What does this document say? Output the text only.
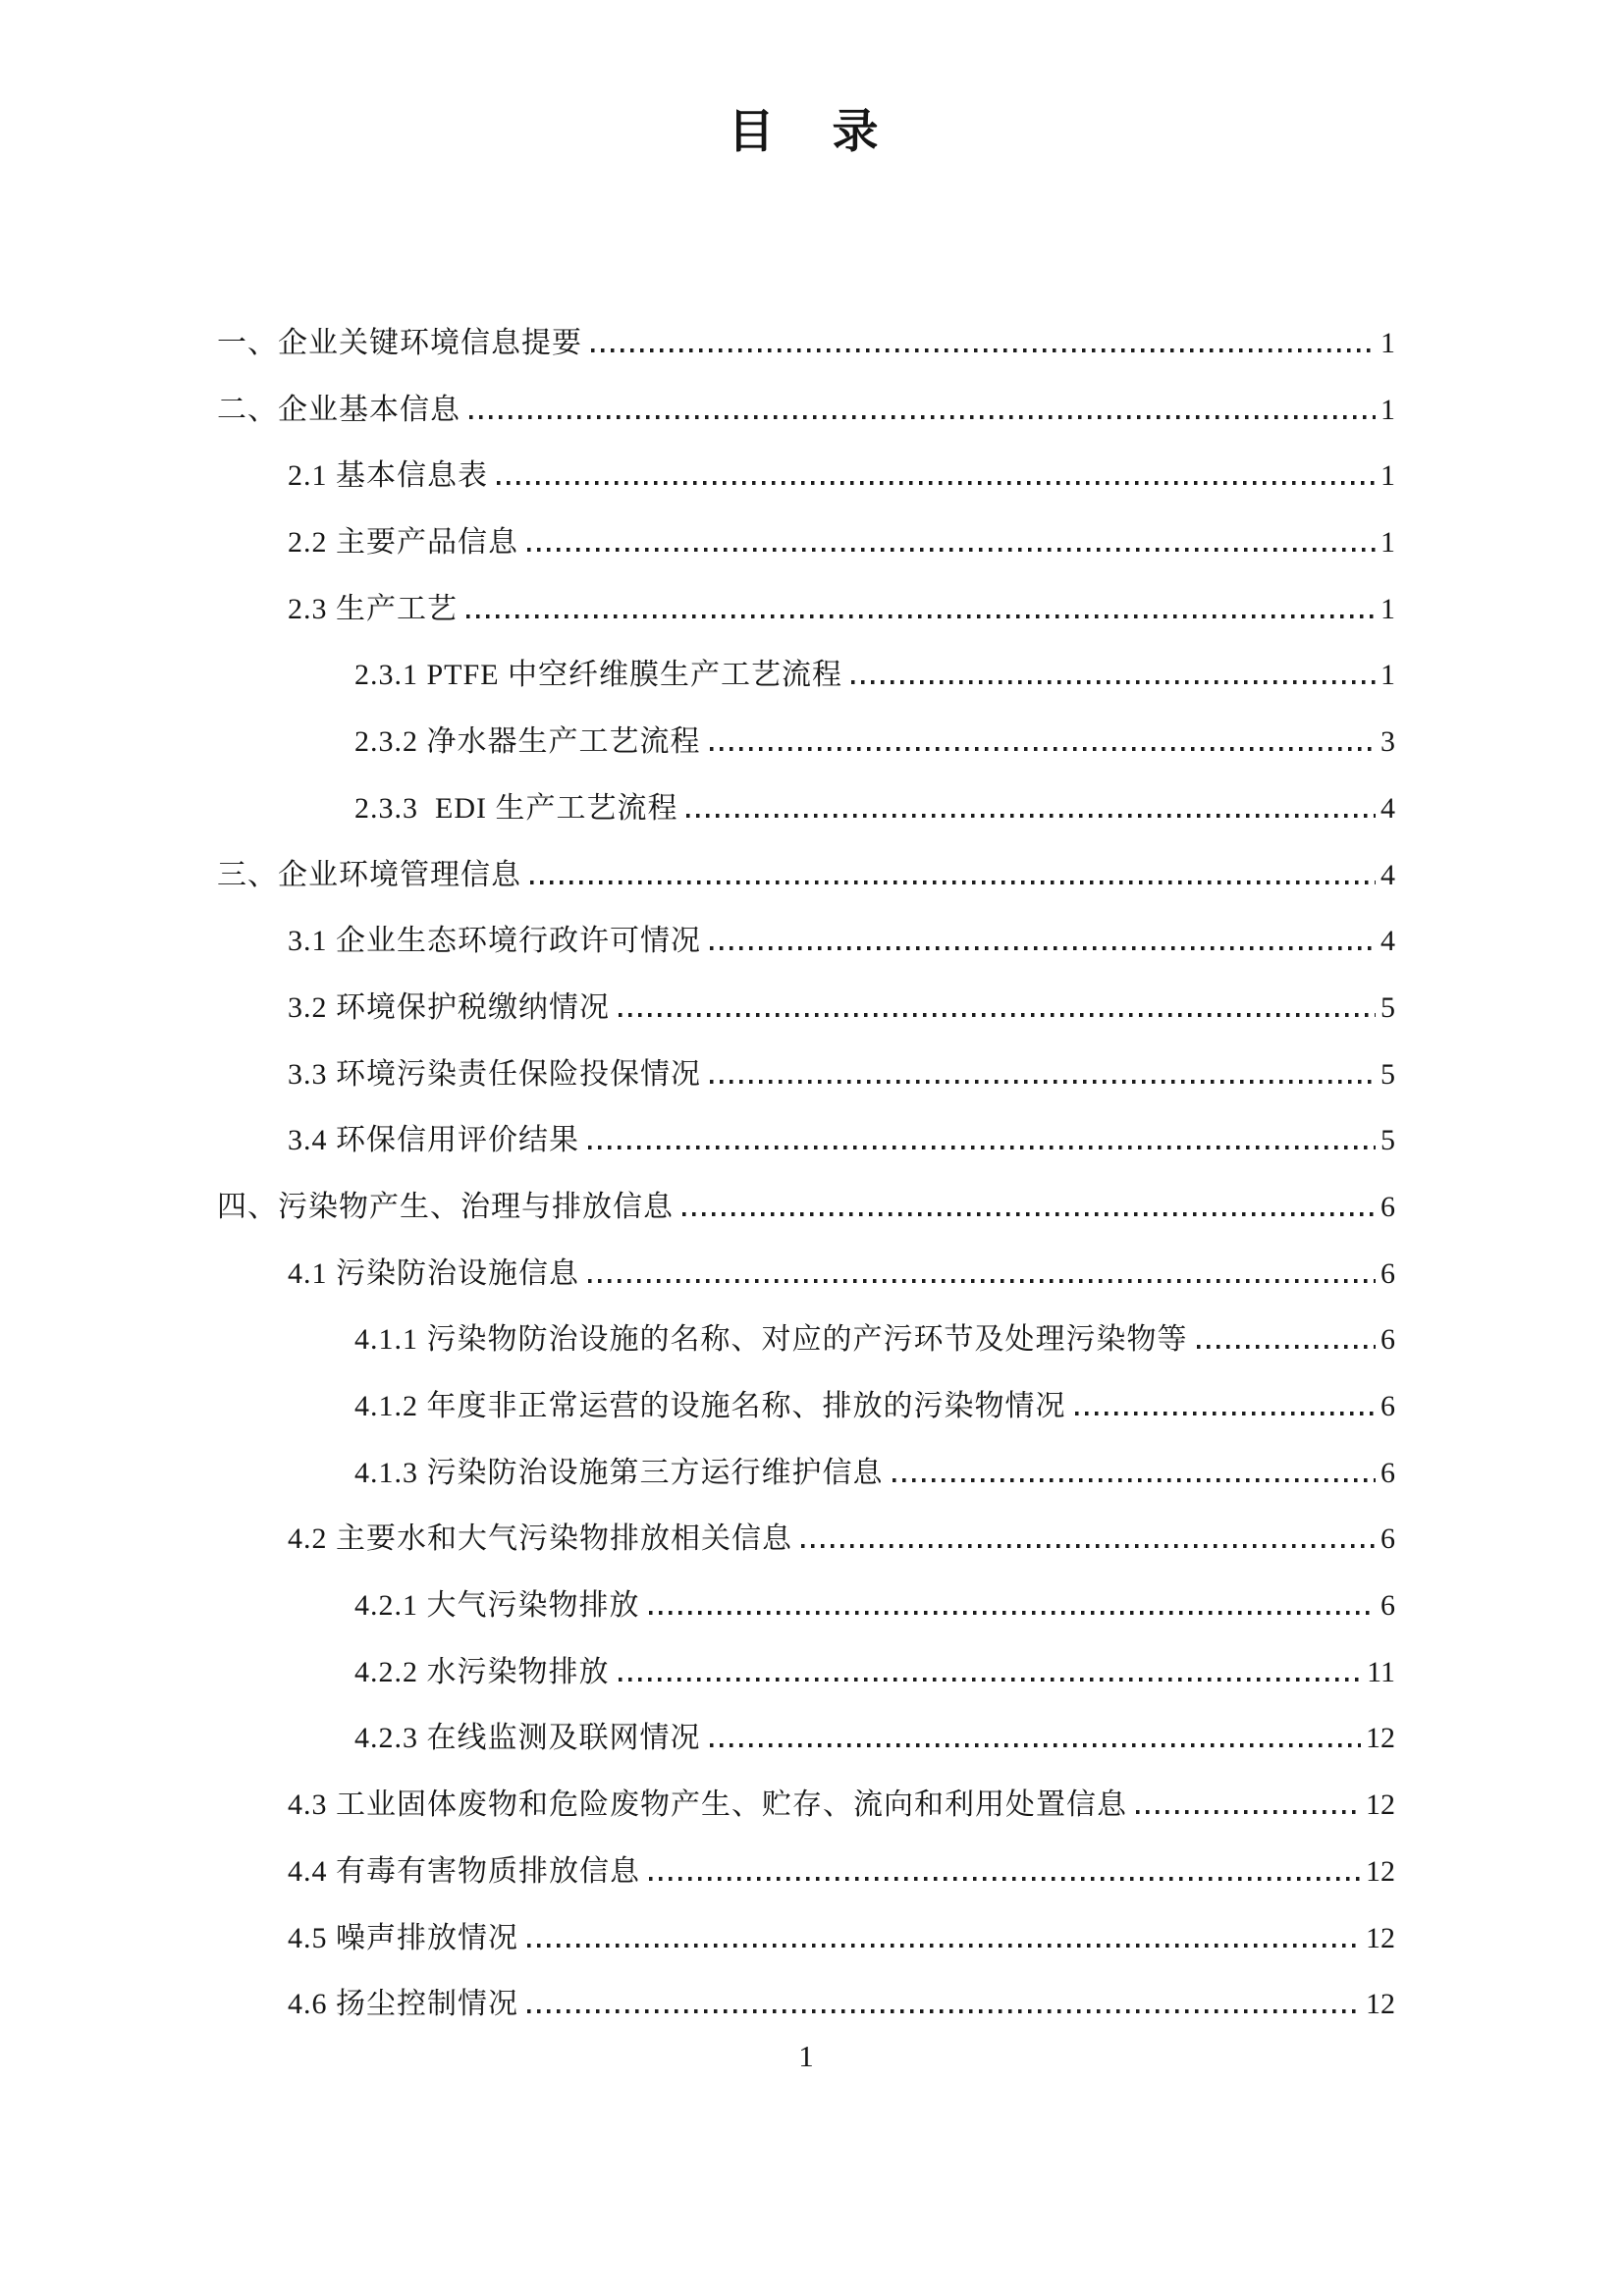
目　录
一、企业关键环境信息提要	1
二、企业基本信息	1
2.1 基本信息表	1
2.2 主要产品信息	1
2.3 生产工艺	1
2.3.1 PTFE 中空纤维膜生产工艺流程	1
2.3.2 净水器生产工艺流程	3
2.3.3  EDI 生产工艺流程	4
三、企业环境管理信息	4
3.1 企业生态环境行政许可情况	4
3.2 环境保护税缴纳情况	5
3.3 环境污染责任保险投保情况	5
3.4 环保信用评价结果	5
四、污染物产生、治理与排放信息	6
4.1 污染防治设施信息	6
4.1.1 污染物防治设施的名称、对应的产污环节及处理污染物等	6
4.1.2 年度非正常运营的设施名称、排放的污染物情况	6
4.1.3 污染防治设施第三方运行维护信息	6
4.2 主要水和大气污染物排放相关信息	6
4.2.1 大气污染物排放	6
4.2.2 水污染物排放	11
4.2.3 在线监测及联网情况	12
4.3 工业固体废物和危险废物产生、贮存、流向和利用处置信息	12
4.4 有毒有害物质排放信息	12
4.5 噪声排放情况	12
4.6 扬尘控制情况	12
1
